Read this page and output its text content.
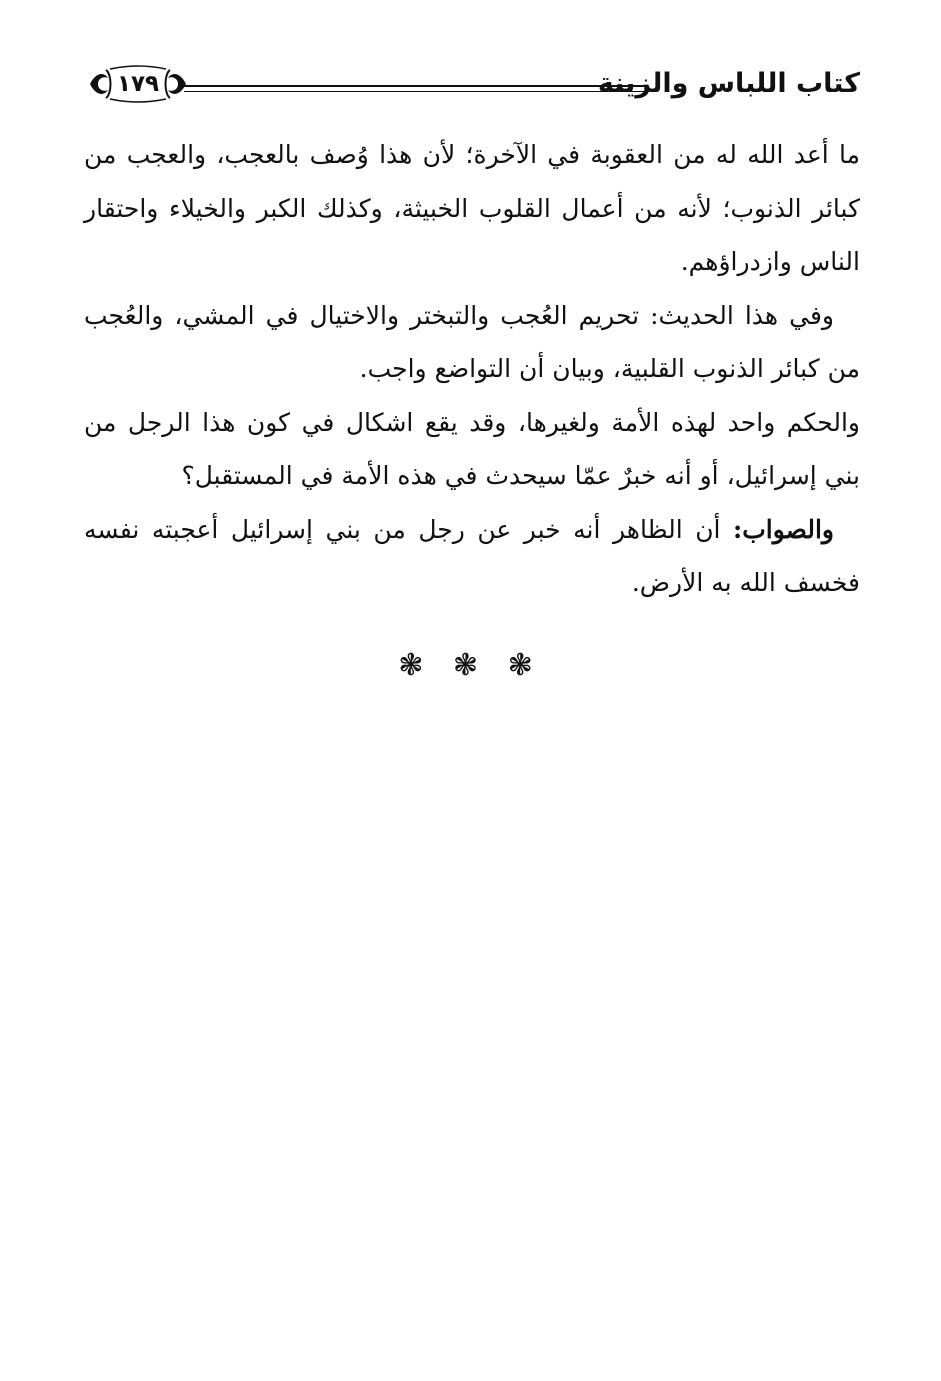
كتاب اللباس والزينة
١٧٩

ما أعد الله له من العقوبة في الآخرة؛ لأن هذا وُصف بالعجب، والعجب من كبائر الذنوب؛ لأنه من أعمال القلوب الخبيثة، وكذلك الكبر والخيلاء واحتقار الناس وازدراؤهم.

وفي هذا الحديث: تحريم العُجب والتبختر والاختيال في المشي، والعُجب من كبائر الذنوب القلبية، وبيان أن التواضع واجب.

والحكم واحد لهذه الأمة ولغيرها، وقد يقع اشكال في كون هذا الرجل من بني إسرائيل، أو أنه خبرٌ عمّا سيحدث في هذه الأمة في المستقبل؟

والصواب: أن الظاهر أنه خبر عن رجل من بني إسرائيل أعجبته نفسه فخسف الله به الأرض.

❃ ❃ ❃
